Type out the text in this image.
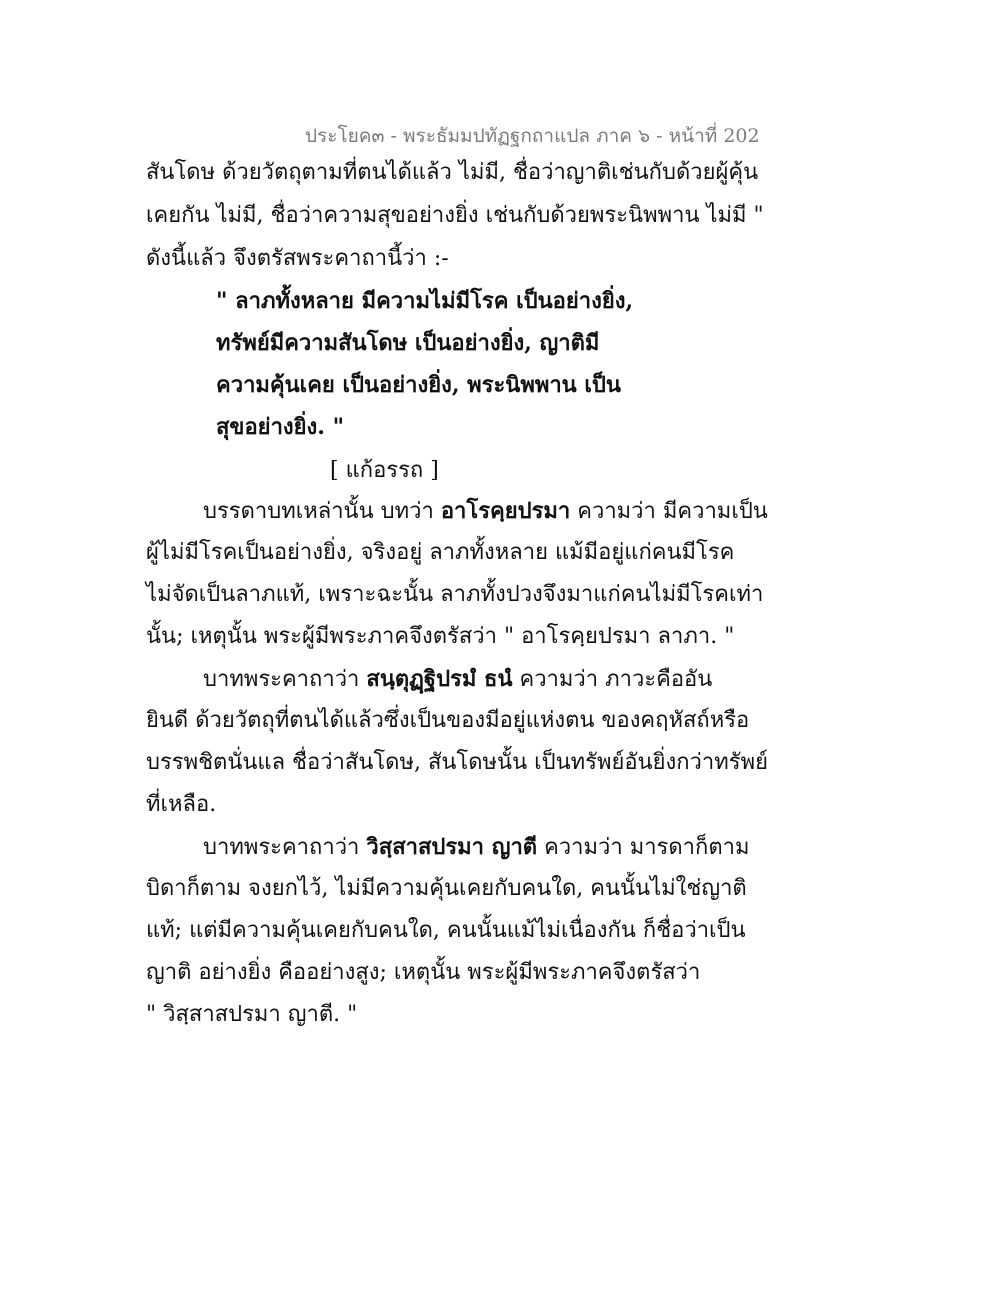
ประโยค๓ - พระธัมมปทัฏฐกถาแปล ภาค ๖ - หน้าที่ 202
สันโดษ ด้วยวัตถุตามที่ตนได้แล้ว ไม่มี, ชื่อว่าญาติเช่นกับด้วยผู้คุ้น
เคยกัน ไม่มี, ชื่อว่าความสุขอย่างยิ่ง เช่นกับด้วยพระนิพพาน ไม่มี "
ดังนี้แล้ว จึงตรัสพระคาถานี้ว่า :-
" ลาภทั้งหลาย มีความไม่มีโรค เป็นอย่างยิ่ง,
ทรัพย์มีความสันโดษ เป็นอย่างยิ่ง, ญาติมี
ความคุ้นเคย เป็นอย่างยิ่ง, พระนิพพาน เป็น
สุขอย่างยิ่ง. "
[ แก้อรรถ ]
บรรดาบทเหล่านั้น บทว่า อาโรคฺยปรมา ความว่า มีความเป็น
ผู้ไม่มีโรคเป็นอย่างยิ่ง, จริงอยู่ ลาภทั้งหลาย แม้มีอยู่แก่คนมีโรค
ไม่จัดเป็นลาภแท้, เพราะฉะนั้น ลาภทั้งปวงจึงมาแก่คนไม่มีโรคเท่า
นั้น; เหตุนั้น พระผู้มีพระภาคจึงตรัสว่า " อาโรคฺยปรมา ลาภา. "
บาทพระคาถาว่า สนฺตุฏฺฐิปรมํ ธนํ ความว่า ภาวะคืออัน
ยินดี ด้วยวัตถุที่ตนได้แล้วซึ่งเป็นของมีอยู่แห่งตน ของคฤหัสถ์หรือ
บรรพชิตนั่นแล ชื่อว่าสันโดษ, สันโดษนั้น เป็นทรัพย์อันยิ่งกว่าทรัพย์
ที่เหลือ.
บาทพระคาถาว่า วิสฺสาสปรมา ญาตี ความว่า มารดาก็ตาม
บิดาก็ตาม จงยกไว้, ไม่มีความคุ้นเคยกับคนใด, คนนั้นไม่ใช่ญาติ
แท้; แต่มีความคุ้นเคยกับคนใด, คนนั้นแม้ไม่เนื่องกัน ก็ชื่อว่าเป็น
ญาติ อย่างยิ่ง คืออย่างสูง; เหตุนั้น พระผู้มีพระภาคจึงตรัสว่า
" วิสฺสาสปรมา ญาตี. "
